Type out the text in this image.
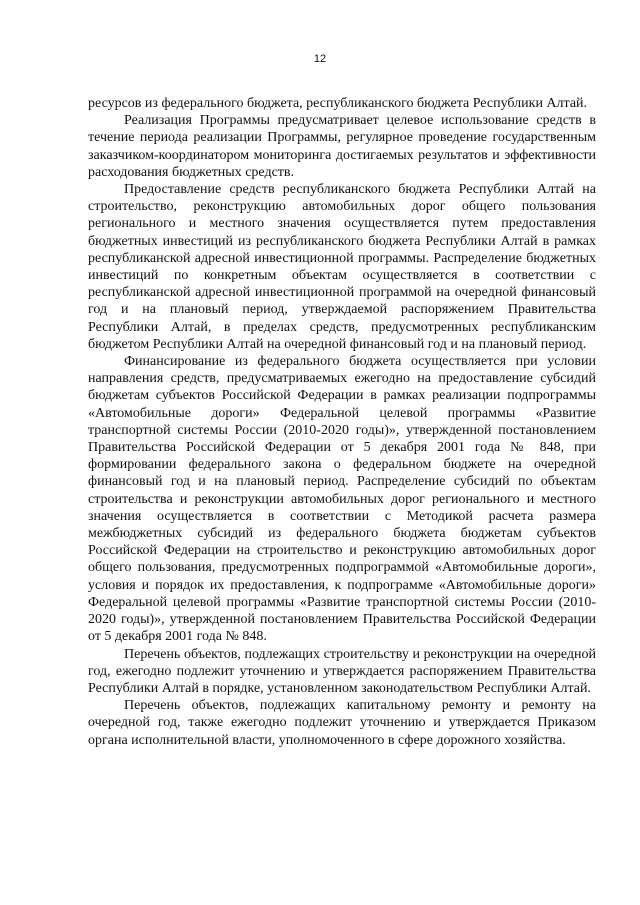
12

ресурсов из федерального бюджета, республиканского бюджета Республики Алтай.

Реализация Программы предусматривает целевое использование средств в течение периода реализации Программы, регулярное проведение государственным заказчиком-координатором мониторинга достигаемых результатов и эффективности расходования бюджетных средств.

Предоставление средств республиканского бюджета Республики Алтай на строительство, реконструкцию автомобильных дорог общего пользования регионального и местного значения осуществляется путем предоставления бюджетных инвестиций из республиканского бюджета Республики Алтай в рамках республиканской адресной инвестиционной программы. Распределение бюджетных инвестиций по конкретным объектам осуществляется в соответствии с республиканской адресной инвестиционной программой на очередной финансовый год и на плановый период, утверждаемой распоряжением Правительства Республики Алтай, в пределах средств, предусмотренных республиканским бюджетом Республики Алтай на очередной финансовый год и на плановый период.

Финансирование из федерального бюджета осуществляется при условии направления средств, предусматриваемых ежегодно на предоставление субсидий бюджетам субъектов Российской Федерации в рамках реализации подпрограммы «Автомобильные дороги» Федеральной целевой программы «Развитие транспортной системы России (2010-2020 годы)», утвержденной постановлением Правительства Российской Федерации от 5 декабря 2001 года № 848, при формировании федерального закона о федеральном бюджете на очередной финансовый год и на плановый период. Распределение субсидий по объектам строительства и реконструкции автомобильных дорог регионального и местного значения осуществляется в соответствии с Методикой расчета размера межбюджетных субсидий из федерального бюджета бюджетам субъектов Российской Федерации на строительство и реконструкцию автомобильных дорог общего пользования, предусмотренных подпрограммой «Автомобильные дороги», условия и порядок их предоставления, к подпрограмме «Автомобильные дороги» Федеральной целевой программы «Развитие транспортной системы России (2010-2020 годы)», утвержденной постановлением Правительства Российской Федерации от 5 декабря 2001 года № 848.

Перечень объектов, подлежащих строительству и реконструкции на очередной год, ежегодно подлежит уточнению и утверждается распоряжением Правительства Республики Алтай в порядке, установленном законодательством Республики Алтай.

Перечень объектов, подлежащих капитальному ремонту и ремонту на очередной год, также ежегодно подлежит уточнению и утверждается Приказом органа исполнительной власти, уполномоченного в сфере дорожного хозяйства.
